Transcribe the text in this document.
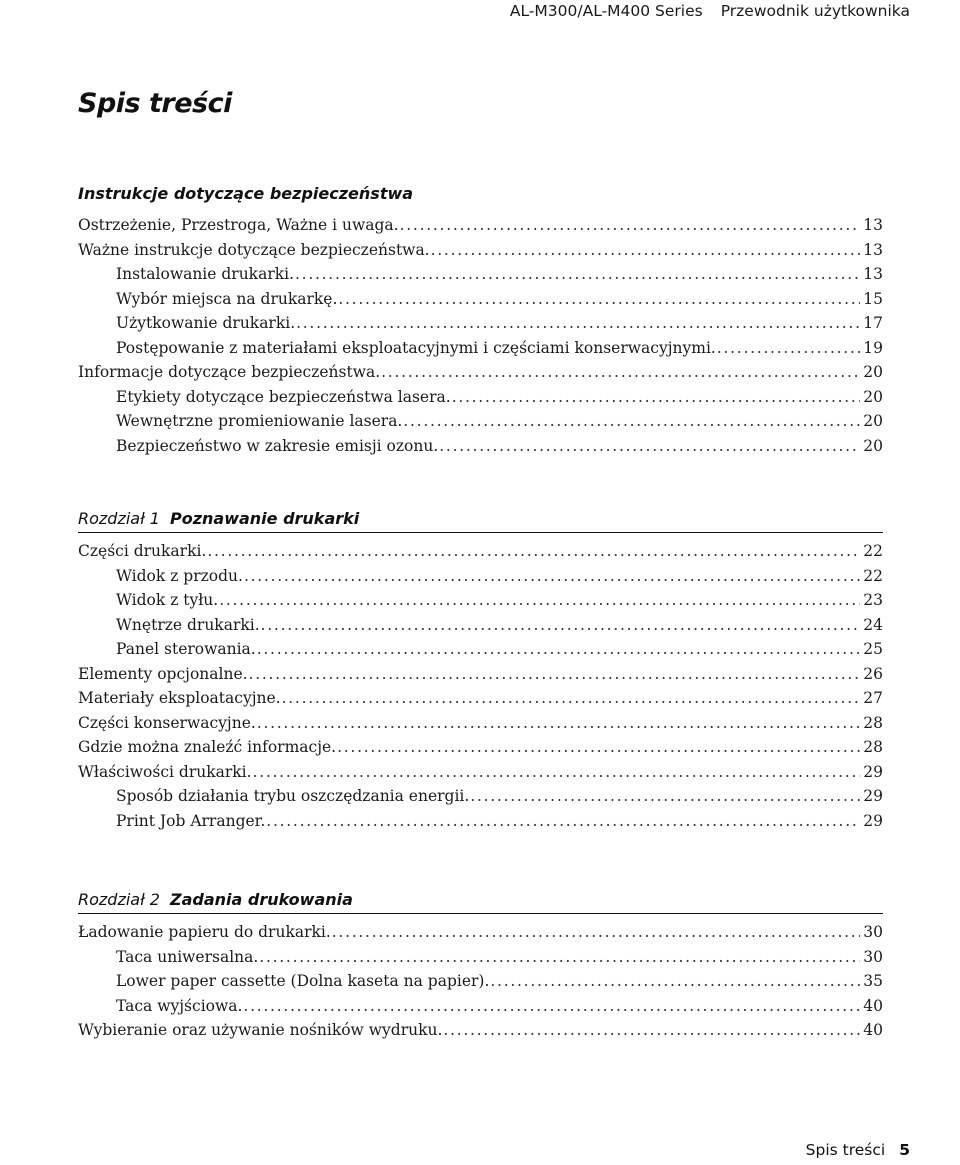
AL-M300/AL-M400 Series Przewodnik użytkownika
Spis treści
Instrukcje dotyczące bezpieczeństwa
Ostrzeżenie, Przestroga, Ważne i uwaga. . . .	13
Ważne instrukcje dotyczące bezpieczeństwa. . . .	13
Instalowanie drukarki. . . .	13
Wybór miejsca na drukarkę. . . .	15
Użytkowanie drukarki. . . .	17
Postępowanie z materiałami eksploatacyjnymi i częściami konserwacyjnymi. . . .	19
Informacje dotyczące bezpieczeństwa. . . .	20
Etykiety dotyczące bezpieczeństwa lasera. . . .	20
Wewnętrzne promieniowanie lasera. . . .	20
Bezpieczeństwo w zakresie emisji ozonu. . . .	20
Rozdział 1 Poznawanie drukarki
Części drukarki. . . .	22
Widok z przodu. . . .	22
Widok z tyłu. . . .	23
Wnętrze drukarki. . . .	24
Panel sterowania. . . .	25
Elementy opcjonalne. . . .	26
Materiały eksploatacyjne. . . .	27
Części konserwacyjne. . . .	28
Gdzie można znaleźć informacje. . . .	28
Właściwości drukarki. . . .	29
Sposób działania trybu oszczędzania energii. . . .	29
Print Job Arranger. . . .	29
Rozdział 2 Zadania drukowania
Ładowanie papieru do drukarki. . . .	30
Taca uniwersalna. . . .	30
Lower paper cassette (Dolna kaseta na papier). . . .	35
Taca wyjściowa. . . .	40
Wybieranie oraz używanie nośników wydruku. . . .	40
Spis treści 5
